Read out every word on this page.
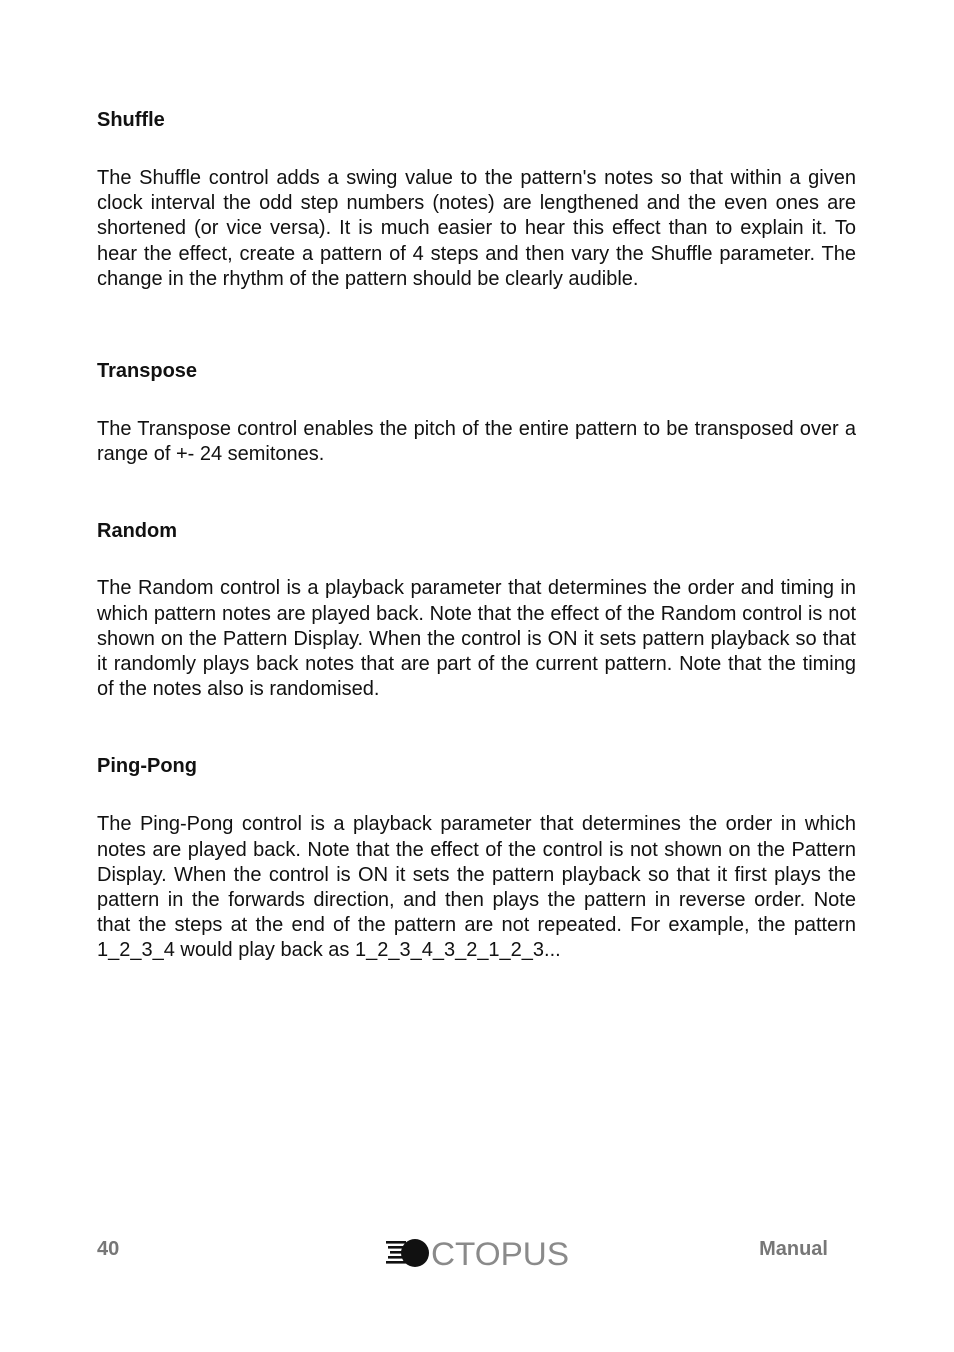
Shuffle

The Shuffle control adds a swing value to the pattern's notes so that within a given clock interval the odd step numbers (notes) are lengthened and the even ones are shortened (or vice versa). It is much easier to hear this effect than to explain it. To hear the effect, create a pattern of 4 steps and then vary the Shuffle parameter. The change in the rhythm of the pattern should be clearly audible.

Transpose

The Transpose control enables the pitch of the entire pattern to be transposed over a range of +- 24 semitones.

Random

The Random control is a playback parameter that determines the order and timing in which pattern notes are played back. Note that the effect of the Random control is not shown on the Pattern Display. When the control is ON it sets pattern playback so that it randomly plays back notes that are part of the current pattern. Note that the timing of the notes also is randomised.

Ping-Pong

The Ping-Pong control is a playback parameter that determines the order in which notes are played back. Note that the effect of the control is not shown on the Pattern Display. When the control is ON it sets the pattern playback so that it first plays the pattern in the forwards direction, and then plays the pattern in reverse order. Note that the steps at the end of the pattern are not repeated. For example, the pattern 1_2_3_4 would play back as 1_2_3_4_3_2_1_2_3...

40	CTOPUS	Manual
